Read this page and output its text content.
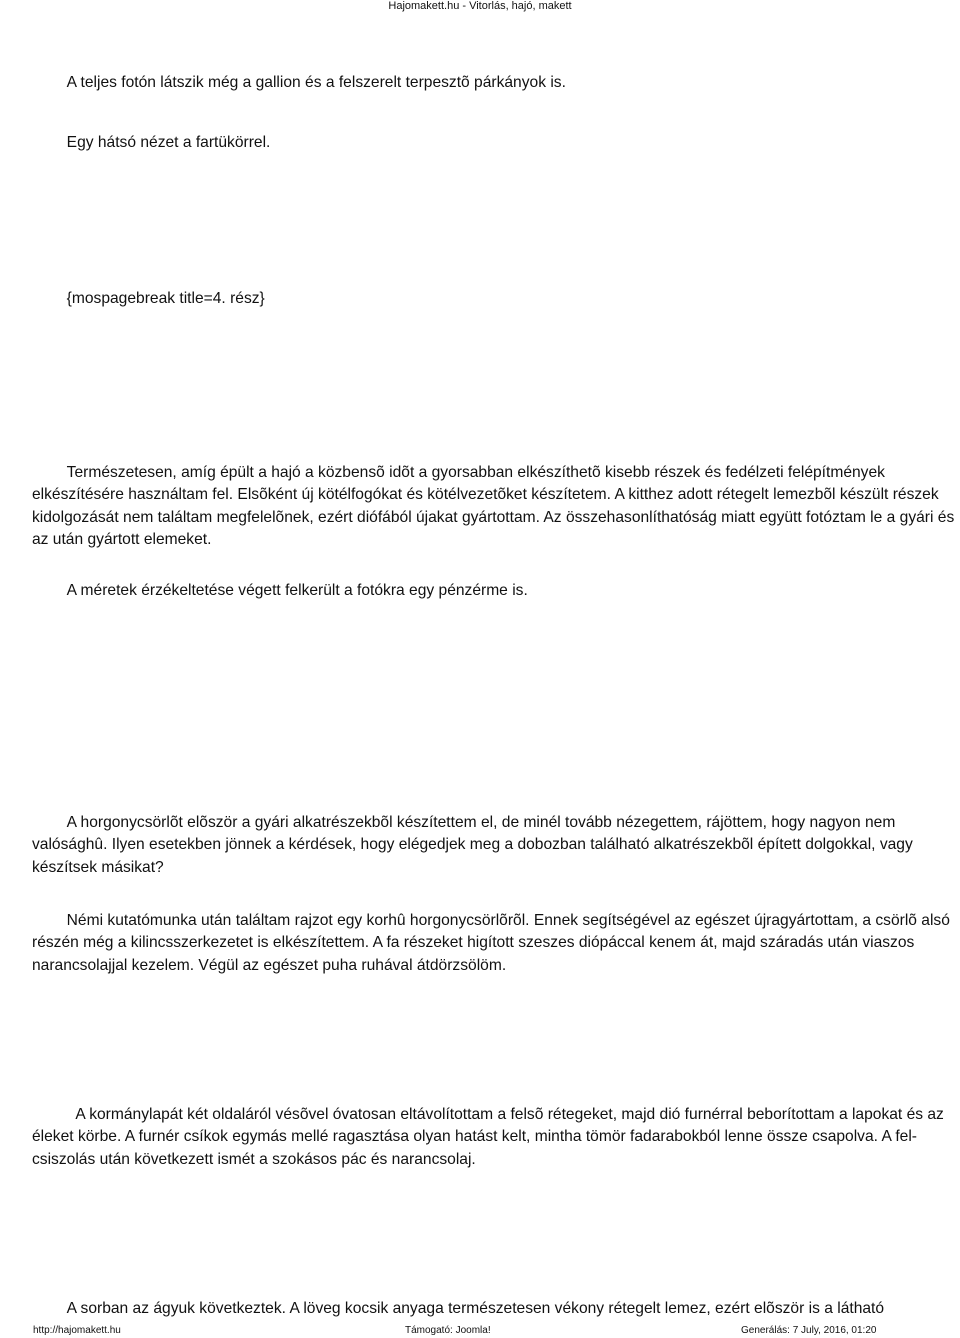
Hajomakett.hu - Vitorlás, hajó, makett

A teljes fotón látszik még a gallion és a felszerelt terpesztõ párkányok is.

Egy hátsó nézet a fartükörrel.

{mospagebreak title=4. rész}

Természetesen, amíg épült a hajó a közbensõ idõt a gyorsabban elkészíthetõ kisebb részek és fedélzeti felépítmények elkészítésére használtam fel. Elsõként új kötélfogókat és kötélvezetõket készítetem. A kitthez adott rétegelt lemezbõl készült részek kidolgozását nem találtam megfelelõnek, ezért diófából újakat gyártottam. Az összehasonlíthatóság miatt együtt fotóztam le a gyári és az után gyártott elemeket.

A méretek érzékeltetése végett felkerült a fotókra egy pénzérme is.

A horgonycsörlõt elõször a gyári alkatrészekbõl készítettem el, de minél tovább nézegettem, rájöttem, hogy nagyon nem valósághû. Ilyen esetekben jönnek a kérdések, hogy elégedjek meg a dobozban található alkatrészekbõl épített dolgokkal, vagy készítsek másikat?

Némi kutatómunka után találtam rajzot egy korhû horgonycsörlõrõl. Ennek segítségével az egészet újragyártottam, a csörlõ alsó részén még a kilincsszerkezetet is elkészítettem. A fa részeket higított szeszes diópáccal kenem át, majd száradás után viaszos narancsolajjal kezelem. Végül az egészet puha ruhával átdörzsölöm.

A kormánylapát két oldaláról vésõvel óvatosan eltávolítottam a felsõ rétegeket, majd dió furnérral beborítottam a lapokat és az éleket körbe. A furnér csíkok egymás mellé ragasztása olyan hatást kelt, mintha tömör fadarabokból lenne össze csapolva. A fel- csiszolás után következett ismét a szokásos pác és narancsolaj.

A sorban az ágyuk következtek. A löveg kocsik anyaga természetesen vékony rétegelt lemez, ezért elõször is a látható

http://hajomakett.hu	Támogató: Joomla!	Generálás: 7 July, 2016, 01:20
